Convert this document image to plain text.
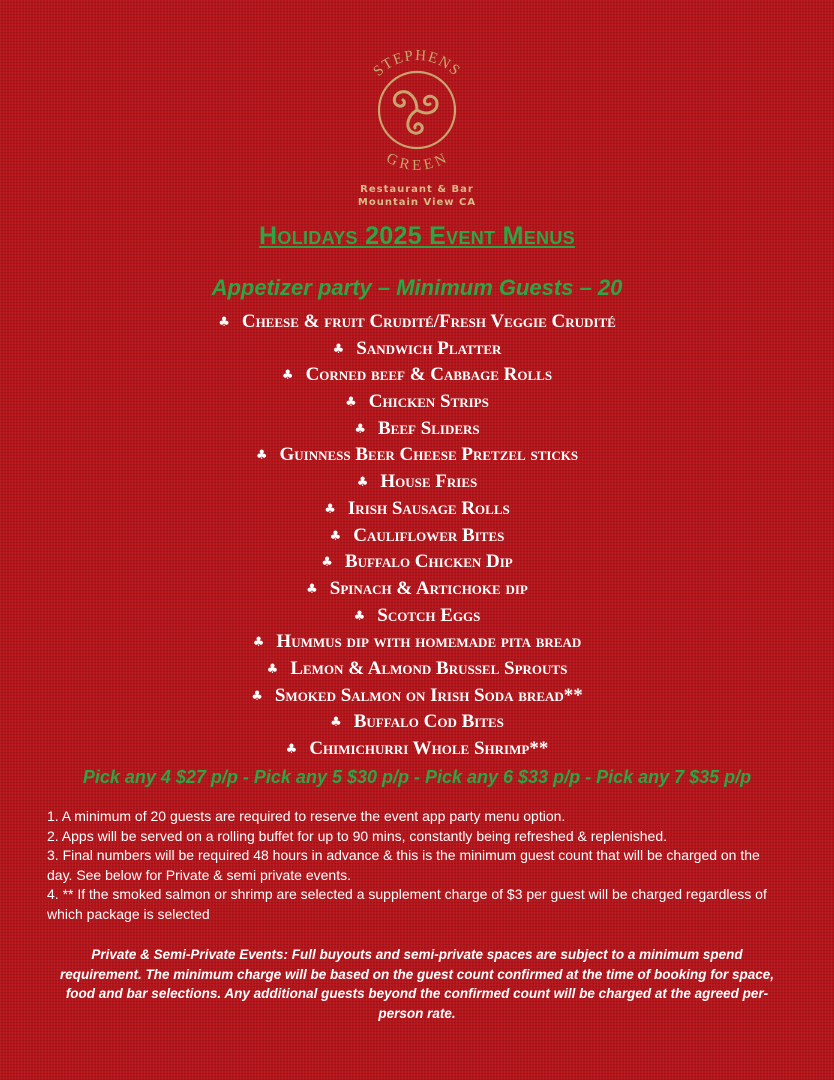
STEPHENS
GREEN
Restaurant & Bar
Mountain View CA
Holidays 2025 Event Menus
Appetizer party – Minimum Guests – 20
♣ Cheese & fruit Crudité/Fresh Veggie Crudité
♣ Sandwich Platter
♣ Corned beef & Cabbage Rolls
♣ Chicken Strips
♣ Beef Sliders
♣ Guinness Beer Cheese Pretzel sticks
♣ House Fries
♣ Irish Sausage Rolls
♣ Cauliflower Bites
♣ Buffalo Chicken Dip
♣ Spinach & Artichoke dip
♣ Scotch Eggs
♣ Hummus dip with homemade pita bread
♣ Lemon & Almond Brussel Sprouts
♣ Smoked Salmon on Irish Soda bread**
♣ Buffalo Cod Bites
♣ Chimichurri Whole Shrimp**
Pick any 4 $27 p/p - Pick any 5 $30 p/p - Pick any 6 $33 p/p - Pick any 7 $35 p/p

1. A minimum of 20 guests are required to reserve the event app party menu option.

2. Apps will be served on a rolling buffet for up to 90 mins, constantly being refreshed & replenished.

3. Final numbers will be required 48 hours in advance & this is the minimum guest count that will be charged on the day. See below for Private & semi private events.

4. ** If the smoked salmon or shrimp are selected a supplement charge of $3 per guest will be charged regardless of which package is selected

Private & Semi-Private Events: Full buyouts and semi-private spaces are subject to a minimum spend requirement. The minimum charge will be based on the guest count confirmed at the time of booking for space, food and bar selections. Any additional guests beyond the confirmed count will be charged at the agreed per-person rate.
